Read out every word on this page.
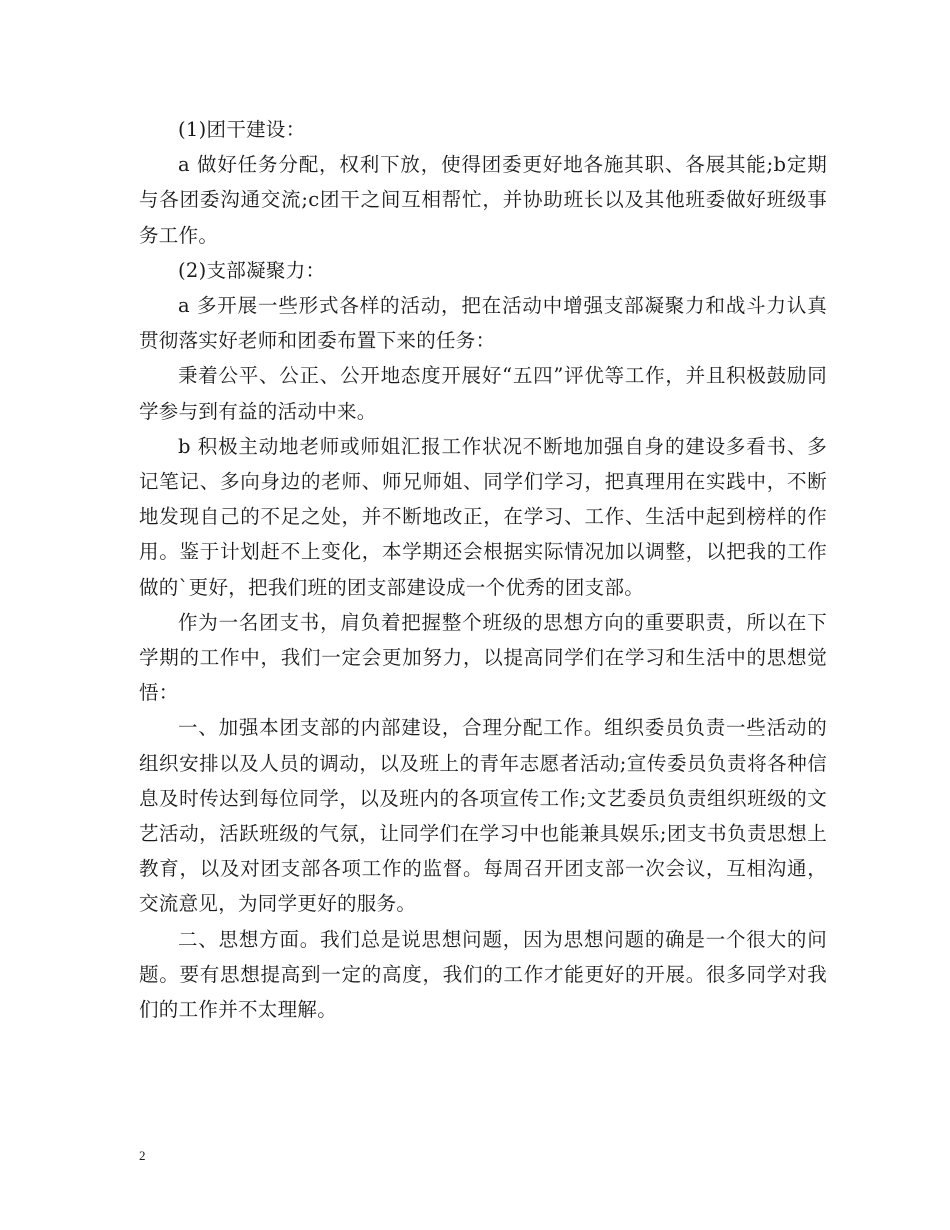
(1)团干建设：

a 做好任务分配，权利下放，使得团委更好地各施其职、各展其能;b定期与各团委沟通交流;c团干之间互相帮忙，并协助班长以及其他班委做好班级事务工作。

(2)支部凝聚力：

a 多开展一些形式各样的活动，把在活动中增强支部凝聚力和战斗力认真贯彻落实好老师和团委布置下来的任务：

秉着公平、公正、公开地态度开展好“五四”评优等工作，并且积极鼓励同学参与到有益的活动中来。

b 积极主动地老师或师姐汇报工作状况不断地加强自身的建设多看书、多记笔记、多向身边的老师、师兄师姐、同学们学习，把真理用在实践中，不断地发现自己的不足之处，并不断地改正，在学习、工作、生活中起到榜样的作用。鉴于计划赶不上变化，本学期还会根据实际情况加以调整，以把我的工作做的`更好，把我们班的团支部建设成一个优秀的团支部。

作为一名团支书，肩负着把握整个班级的思想方向的重要职责，所以在下学期的工作中，我们一定会更加努力，以提高同学们在学习和生活中的思想觉悟：

一、加强本团支部的内部建设，合理分配工作。组织委员负责一些活动的组织安排以及人员的调动，以及班上的青年志愿者活动;宣传委员负责将各种信息及时传达到每位同学，以及班内的各项宣传工作;文艺委员负责组织班级的文艺活动，活跃班级的气氛，让同学们在学习中也能兼具娱乐;团支书负责思想上教育，以及对团支部各项工作的监督。每周召开团支部一次会议，互相沟通，交流意见，为同学更好的服务。

二、思想方面。我们总是说思想问题，因为思想问题的确是一个很大的问题。要有思想提高到一定的高度，我们的工作才能更好的开展。很多同学对我们的工作并不太理解。

2
